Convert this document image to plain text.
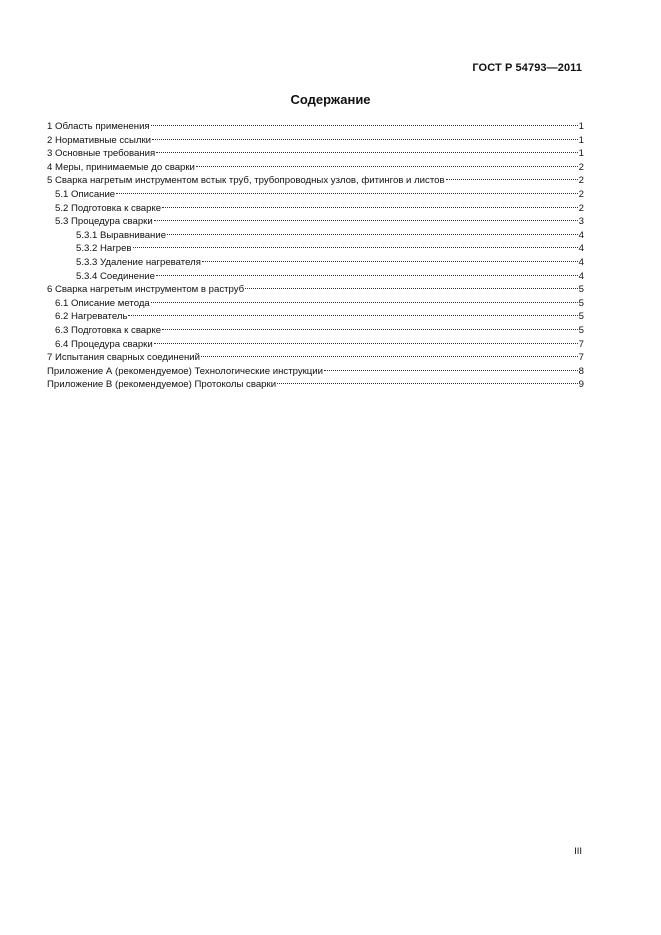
ГОСТ Р 54793—2011
Содержание
1 Область применения	1
2 Нормативные ссылки	1
3 Основные требования	1
4 Меры, принимаемые до сварки	2
5 Сварка нагретым инструментом встык труб, трубопроводных узлов, фитингов и листов	2
5.1 Описание	2
5.2 Подготовка к сварке	2
5.3 Процедура сварки	3
5.3.1 Выравнивание	4
5.3.2 Нагрев	4
5.3.3 Удаление нагревателя	4
5.3.4 Соединение	4
6 Сварка нагретым инструментом в раструб	5
6.1 Описание метода	5
6.2 Нагреватель	5
6.3 Подготовка к сварке	5
6.4 Процедура сварки	7
7 Испытания сварных соединений	7
Приложение А (рекомендуемое) Технологические инструкции	8
Приложение В (рекомендуемое) Протоколы сварки	9
III
